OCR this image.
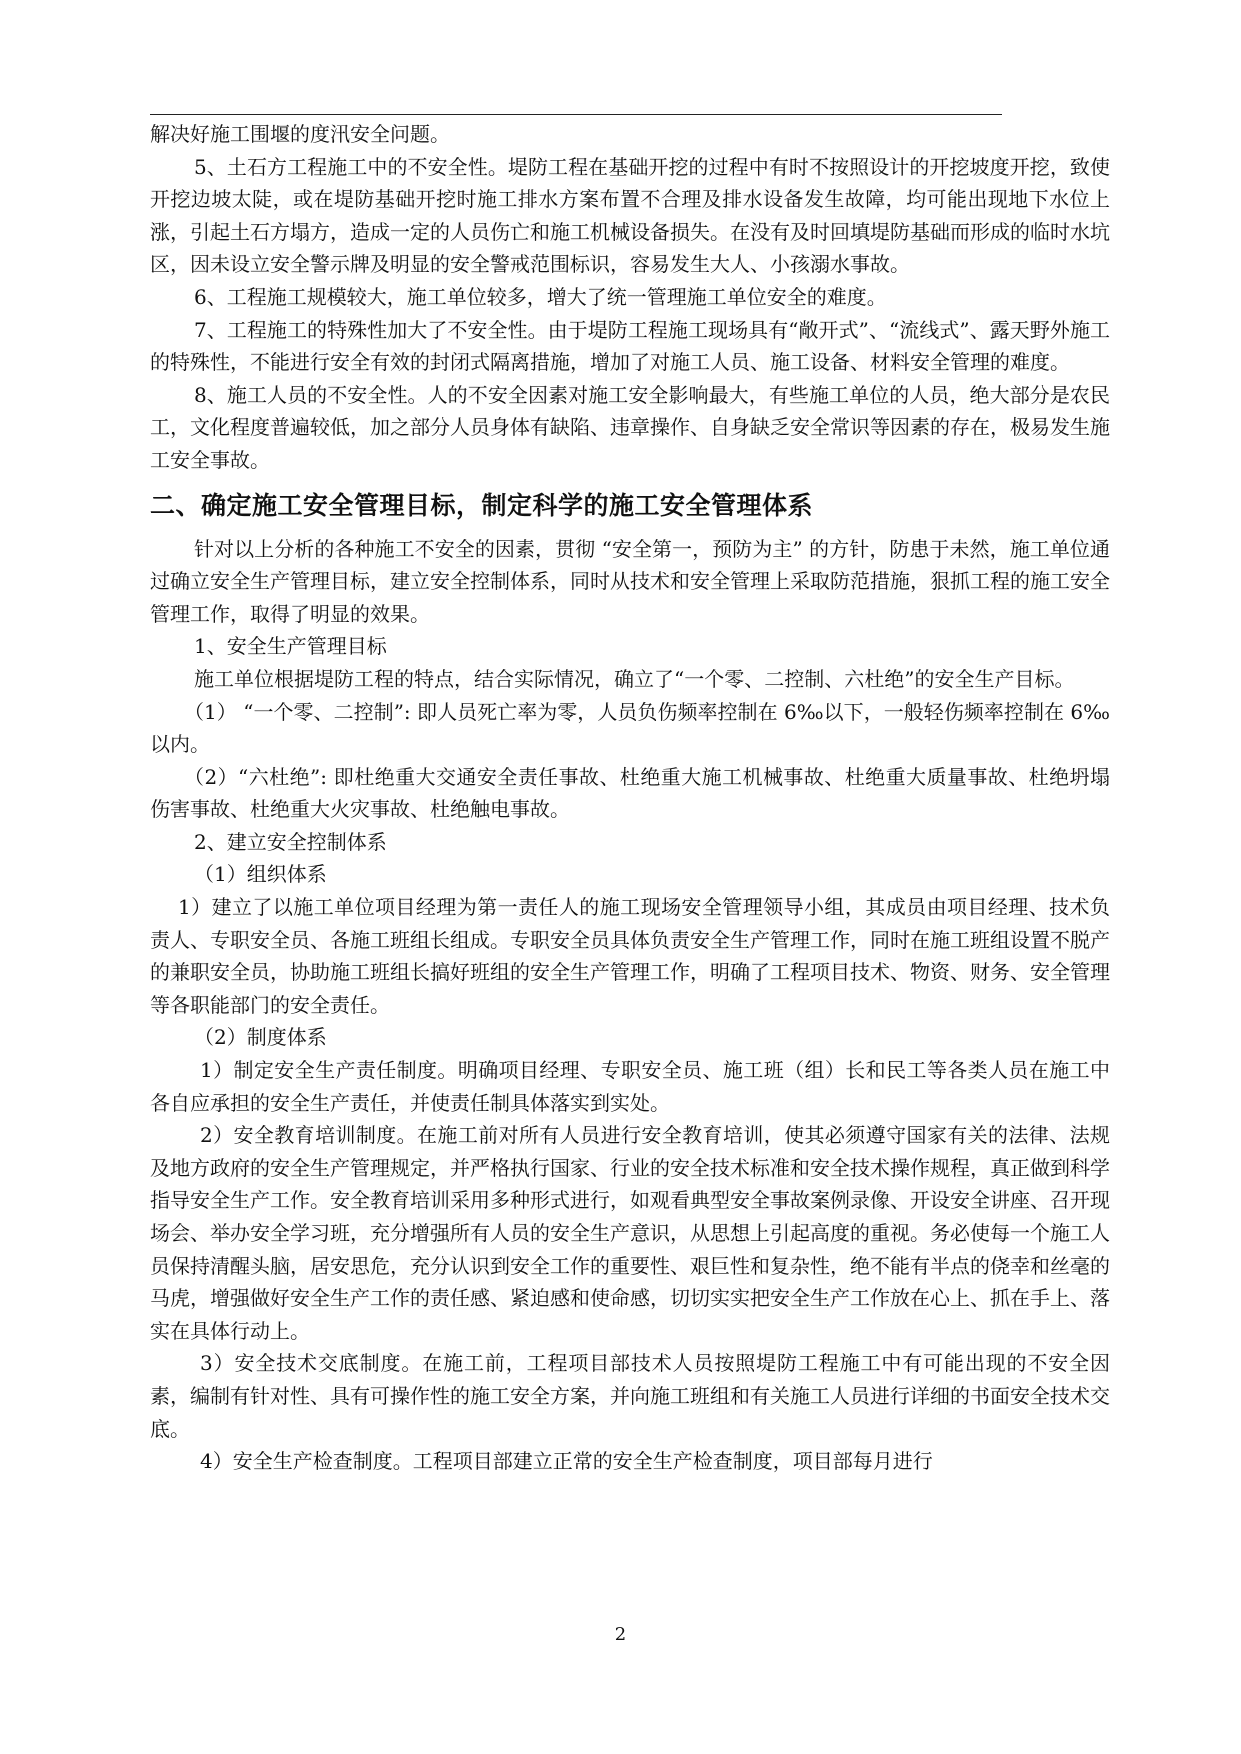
解决好施工围堰的度汛安全问题。

5、土石方工程施工中的不安全性。堤防工程在基础开挖的过程中有时不按照设计的开挖坡度开挖，致使开挖边坡太陡，或在堤防基础开挖时施工排水方案布置不合理及排水设备发生故障，均可能出现地下水位上涨，引起土石方塌方，造成一定的人员伤亡和施工机械设备损失。在没有及时回填堤防基础而形成的临时水坑区，因未设立安全警示牌及明显的安全警戒范围标识，容易发生大人、小孩溺水事故。

6、工程施工规模较大，施工单位较多，增大了统一管理施工单位安全的难度。

7、工程施工的特殊性加大了不安全性。由于堤防工程施工现场具有“敞开式”、“流线式”、露天野外施工的特殊性，不能进行安全有效的封闭式隔离措施，增加了对施工人员、施工设备、材料安全管理的难度。

8、施工人员的不安全性。人的不安全因素对施工安全影响最大，有些施工单位的人员，绝大部分是农民工，文化程度普遍较低，加之部分人员身体有缺陷、违章操作、自身缺乏安全常识等因素的存在，极易发生施工安全事故。

二、确定施工安全管理目标，制定科学的施工安全管理体系

针对以上分析的各种施工不安全的因素，贯彻 “安全第一，预防为主” 的方针，防患于未然，施工单位通过确立安全生产管理目标，建立安全控制体系，同时从技术和安全管理上采取防范措施，狠抓工程的施工安全管理工作，取得了明显的效果。

1、安全生产管理目标

施工单位根据堤防工程的特点，结合实际情况，确立了“一个零、二控制、六杜绝”的安全生产目标。

（1） “一个零、二控制”: 即人员死亡率为零，人员负伤频率控制在 6‰以下，一般轻伤频率控制在 6‰以内。

（2）“六杜绝”: 即杜绝重大交通安全责任事故、杜绝重大施工机械事故、杜绝重大质量事故、杜绝坍塌伤害事故、杜绝重大火灾事故、杜绝触电事故。

2、建立安全控制体系

（1）组织体系

1）建立了以施工单位项目经理为第一责任人的施工现场安全管理领导小组，其成员由项目经理、技术负责人、专职安全员、各施工班组长组成。专职安全员具体负责安全生产管理工作，同时在施工班组设置不脱产的兼职安全员，协助施工班组长搞好班组的安全生产管理工作，明确了工程项目技术、物资、财务、安全管理等各职能部门的安全责任。

（2）制度体系

1）制定安全生产责任制度。明确项目经理、专职安全员、施工班（组）长和民工等各类人员在施工中各自应承担的安全生产责任，并使责任制具体落实到实处。

2）安全教育培训制度。在施工前对所有人员进行安全教育培训，使其必须遵守国家有关的法律、法规及地方政府的安全生产管理规定，并严格执行国家、行业的安全技术标准和安全技术操作规程，真正做到科学指导安全生产工作。安全教育培训采用多种形式进行，如观看典型安全事故案例录像、开设安全讲座、召开现场会、举办安全学习班，充分增强所有人员的安全生产意识，从思想上引起高度的重视。务必使每一个施工人员保持清醒头脑，居安思危，充分认识到安全工作的重要性、艰巨性和复杂性，绝不能有半点的侥幸和丝毫的马虎，增强做好安全生产工作的责任感、紧迫感和使命感，切切实实把安全生产工作放在心上、抓在手上、落实在具体行动上。

3）安全技术交底制度。在施工前，工程项目部技术人员按照堤防工程施工中有可能出现的不安全因素，编制有针对性、具有可操作性的施工安全方案，并向施工班组和有关施工人员进行详细的书面安全技术交底。

4）安全生产检查制度。工程项目部建立正常的安全生产检查制度，项目部每月进行

2
